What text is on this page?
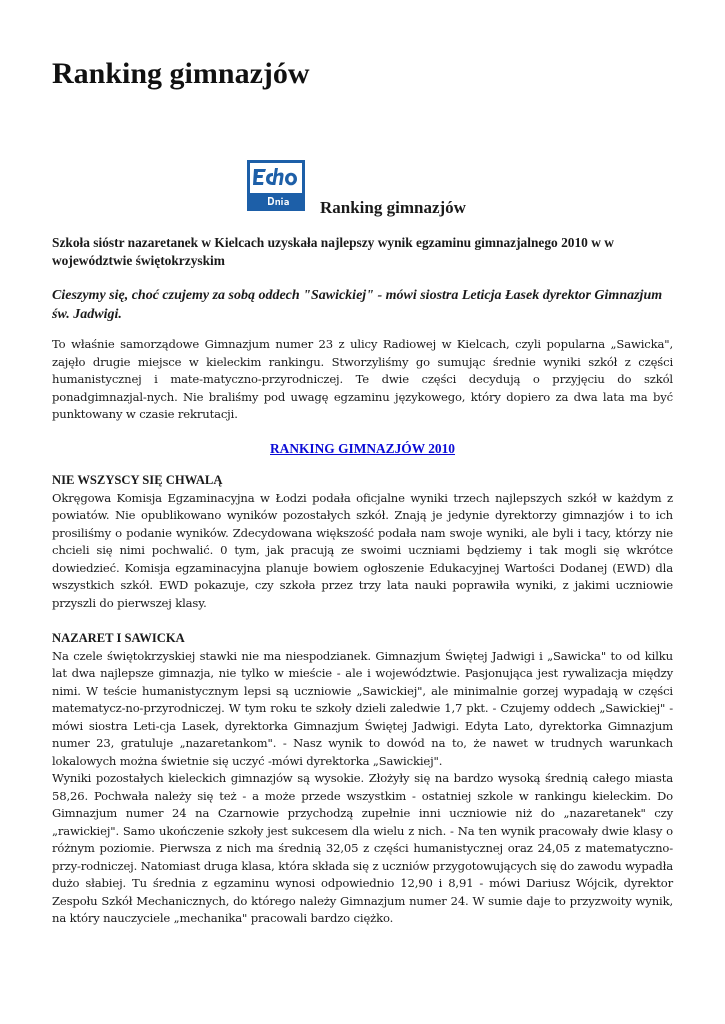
Ranking gimnazjów
Ranking gimnazjów

Szkoła sióstr nazaretanek w Kielcach uzyskała najlepszy wynik egzaminu gimnazjalnego 2010 w w województwie świętokrzyskim

Cieszymy się, choć czujemy za sobą oddech "Sawickiej" - mówi siostra Leticja Łasek dyrektor Gimnazjum św. Jadwigi.

To właśnie samorządowe Gimnazjum numer 23 z ulicy Radiowej w Kielcach, czyli popularna „Sawicka", zajęło drugie miejsce w kieleckim rankingu. Stworzyliśmy go sumując średnie wyniki szkół z części humanistycznej i mate-matyczno-przyrodniczej. Te dwie części decydują o przyjęciu do szkól ponadgimnazjal-nych. Nie braliśmy pod uwagę egzaminu językowego, który dopiero za dwa lata ma być punktowany w czasie rekrutacji.

RANKING GIMNAZJÓW 2010

NIE WSZYSCY SIĘ CHWALĄ

Okręgowa Komisja Egzaminacyjna w Łodzi podała oficjalne wyniki trzech najlepszych szkół w każdym z powiatów. Nie opublikowano wyników pozostałych szkół. Znają je jedynie dyrektorzy gimnazjów i to ich prosiliśmy o podanie wyników. Zdecydowana większość podała nam swoje wyniki, ale byli i tacy, którzy nie chcieli się nimi pochwalić. 0 tym, jak pracują ze swoimi uczniami będziemy i tak mogli się wkrótce dowiedzieć. Komisja egzaminacyjna planuje bowiem ogłoszenie Edukacyjnej Wartości Dodanej (EWD) dla wszystkich szkół. EWD pokazuje, czy szkoła przez trzy lata nauki poprawiła wyniki, z jakimi uczniowie przyszli do pierwszej klasy.

NAZARET I SAWICKA

Na czele świętokrzyskiej stawki nie ma niespodzianek. Gimnazjum Świętej Jadwigi i „Sawicka" to od kilku lat dwa najlepsze gimnazja, nie tylko w mieście - ale i województwie. Pasjonująca jest rywalizacja między nimi. W teście humanistycznym lepsi są uczniowie „Sawickiej", ale minimalnie gorzej wypadają w części matematycz-no-przyrodniczej. W tym roku te szkoły dzieli zaledwie 1,7 pkt. - Czujemy oddech „Sawickiej" - mówi siostra Leti-cja Lasek, dyrektorka Gimnazjum Świętej Jadwigi. Edyta Lato, dyrektorka Gimnazjum numer 23, gratuluje „nazaretankom". - Nasz wynik to dowód na to, że nawet w trudnych warunkach lokalowych można świetnie się uczyć -mówi dyrektorka „Sawickiej".

Wyniki pozostałych kieleckich gimnazjów są wysokie. Złożyły się na bardzo wysoką średnią całego miasta 58,26. Pochwała należy się też - a może przede wszystkim - ostatniej szkole w rankingu kieleckim. Do Gimnazjum numer 24 na Czarnowie przychodzą zupełnie inni uczniowie niż do „nazaretanek" czy „rawickiej". Samo ukończenie szkoły jest sukcesem dla wielu z nich. - Na ten wynik pracowały dwie klasy o różnym poziomie. Pierwsza z nich ma średnią 32,05 z części humanistycznej oraz 24,05 z matematyczno-przy-rodniczej. Natomiast druga klasa, która składa się z uczniów przygotowujących się do zawodu wypadła dużo słabiej. Tu średnia z egzaminu wynosi odpowiednio 12,90 i 8,91 - mówi Dariusz Wójcik, dyrektor Zespołu Szkół Mechanicznych, do którego należy Gimnazjum numer 24. W sumie daje to przyzwoity wynik, na który nauczyciele „mechanika" pracowali bardzo ciężko.
